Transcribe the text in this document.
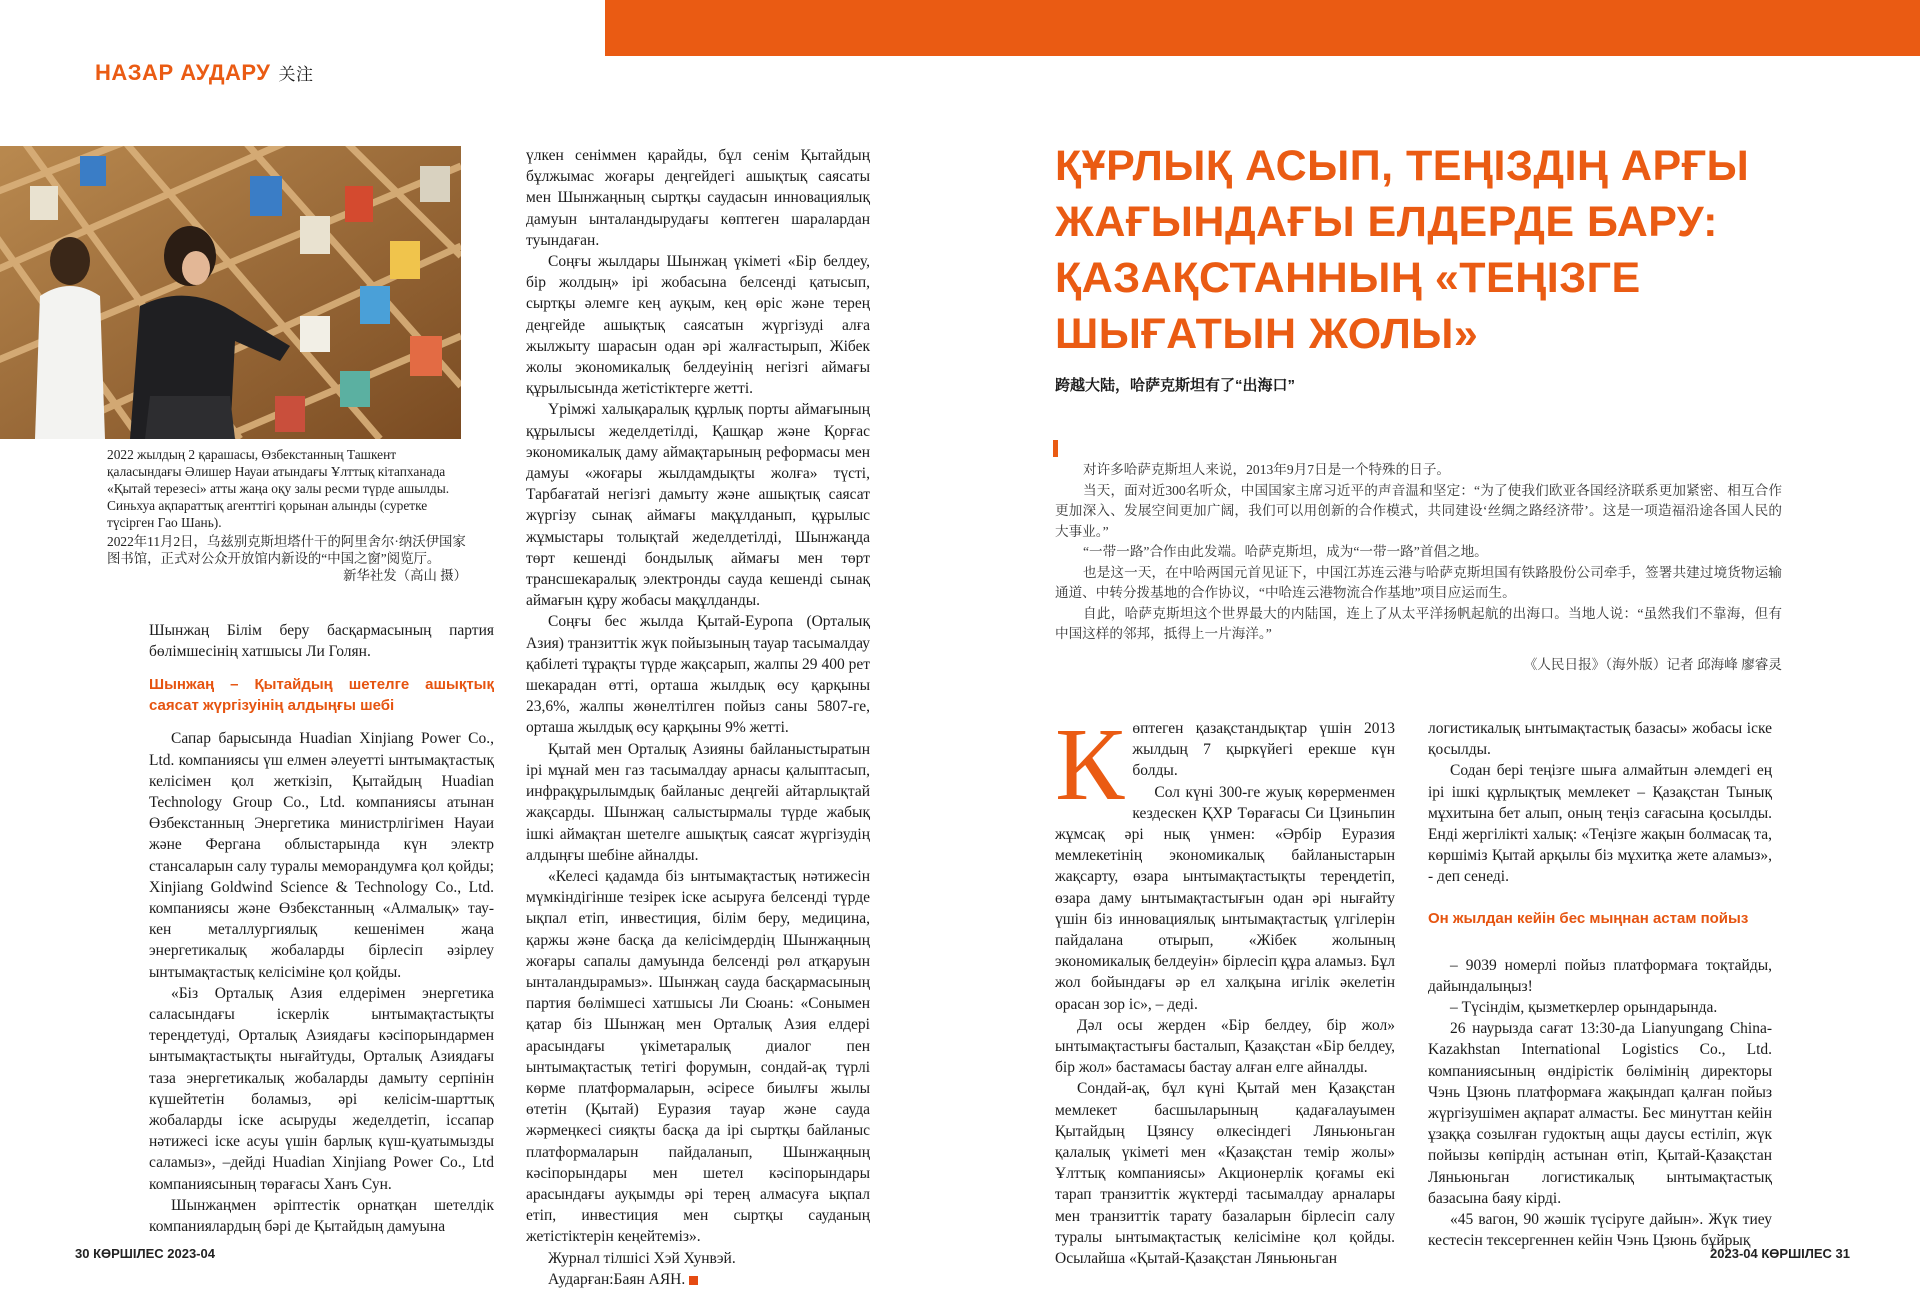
НАЗАР АУДАРУ 关注
2022 жылдың 2 қарашасы, Өзбекстанның Ташкент қаласындағы Әлишер Науаи атындағы Ұлттық кітапханада «Қытай терезесі» атты жаңа оқу залы ресми түрде ашылды. Синьхуа ақпараттық агенттігі қорынан алынды (суретке түсірген Гао Шань).
2022年11月2日，乌兹别克斯坦塔什干的阿里舍尔·纳沃伊国家图书馆，正式对公众开放馆内新设的“中国之窗”阅览厅。
新华社发（高山 摄）

Шынжаң Білім беру басқармасының партия бөлімшесінің хатшысы Ли Голян.

Шынжаң – Қытайдың шетелге ашықтық саясат жүргізуінің алдыңғы шебі

Сапар барысында Huadian Xinjiang Power Co., Ltd. компаниясы үш елмен әлеуетті ынтымақтастық келісімен қол жеткізіп, Қытайдың Huadian Technology Group Co., Ltd. компаниясы атынан Өзбекстанның Энергетика министрлігімен Науаи және Фергана облыстарында күн электр стансаларын салу туралы меморандумға қол қойды; Xinjiang Goldwind Science & Technology Co., Ltd. компаниясы және Өзбекстанның «Алмалық» тау-кен металлургиялық кешенімен жаңа энергетикалық жобаларды бірлесіп әзірлеу ынтымақтастық келісіміне қол қойды.

«Біз Орталық Азия елдерімен энергетика саласындағы іскерлік ынтымақтастықты тереңдетуді, Орталық Азиядағы кәсіпорындармен ынтымақтастықты нығайтуды, Орталық Азиядағы таза энергетикалық жобаларды дамыту серпінін күшейтетін боламыз, әрі келісім-шарттық жобаларды іске асыруды жеделдетіп, іссапар нәтижесі іске асуы үшін барлық күш-қуатымызды саламыз», –дейді Huadian Xinjiang Power Co., Ltd компаниясының төрағасы Ханъ Сун.

Шынжаңмен әріптестік орнатқан шетелдік компаниялардың бәрі де Қытайдың дамуына

үлкен сеніммен қарайды, бұл сенім Қытайдың бұлжымас жоғары деңгейдегі ашықтық саясаты мен Шынжаңның сыртқы саудасын инновациялық дамуын ынталандырудағы көптеген шаралардан туындаған.

Соңғы жылдары Шынжаң үкіметі «Бір белдеу, бір жолдың» ірі жобасына белсенді қатысып, сыртқы әлемге кең ауқым, кең өріс және терең деңгейде ашықтық саясатын жүргізуді алға жылжыту шарасын одан әрі жалғастырып, Жібек жолы экономикалық белдеуінің негізгі аймағы құрылысында жетістіктерге жетті.

Үрімжі халықаралық құрлық порты аймағының құрылысы жеделдетілді, Қашқар және Қорғас экономикалық даму аймақтарының реформасы мен дамуы «жоғары жылдамдықты жолға» түсті, Тарбағатай негізгі дамыту және ашықтық саясат жүргізу сынақ аймағы мақұлданып, құрылыс жұмыстары толықтай жеделдетілді, Шынжаңда төрт кешенді бондылық аймағы мен төрт трансшекаралық электронды сауда кешенді сынақ аймағын құру жобасы мақұлданды.

Соңғы бес жылда Қытай-Еуропа (Орталық Азия) транзиттік жүк пойызының тауар тасымалдау қабілеті тұрақты түрде жақсарып, жалпы 29 400 рет шекарадан өтті, орташа жылдық өсу қарқыны 23,6%, жалпы жөнелтілген пойыз саны 5807-ге, орташа жылдық өсу қарқыны 9% жетті.

Қытай мен Орталық Азияны байланыстыратын ірі мұнай мен газ тасымалдау арнасы қалыптасып, инфрақұрылымдық байланыс деңгейі айтарлықтай жақсарды. Шынжаң салыстырмалы түрде жабық ішкі аймақтан шетелге ашықтық саясат жүргізудің алдыңғы шебіне айналды.

«Келесі қадамда біз ынтымақтастық нәтижесін мүмкіндігінше тезірек іске асыруға белсенді түрде ықпал етіп, инвестиция, білім беру, медицина, қаржы және басқа да келісімдердің Шынжаңның жоғары сапалы дамуында белсенді рөл атқаруын ынталандырамыз». Шынжаң сауда басқармасының партия бөлімшесі хатшысы Ли Сюань: «Сонымен қатар біз Шынжаң мен Орталық Азия елдері арасындағы үкіметаралық диалог пен ынтымақтастық тетігі форумын, сондай-ақ түрлі көрме платформаларын, әсіресе биылғы жылы өтетін (Қытай) Еуразия тауар және сауда жәрмеңкесі сияқты басқа да ірі сыртқы байланыс платформаларын пайдаланып, Шынжаңның кәсіпорындары мен шетел кәсіпорындары арасындағы ауқымды әрі терең алмасуға ықпал етіп, инвестиция мен сыртқы сауданың жетістіктерін кеңейтеміз».

Журнал тілшісі Хэй Хунвэй.

Аударған:Баян АЯН.

ҚҰРЛЫҚ АСЫП, ТЕҢІЗДІҢ АРҒЫ ЖАҒЫНДАҒЫ ЕЛДЕРДЕ БАРУ: ҚАЗАҚСТАННЫҢ «ТЕҢІЗГЕ ШЫҒАТЫН ЖОЛЫ»
跨越大陆，哈萨克斯坦有了“出海口”

对许多哈萨克斯坦人来说，2013年9月7日是一个特殊的日子。

当天，面对近300名听众，中国国家主席习近平的声音温和坚定：“为了使我们欧亚各国经济联系更加紧密、相互合作更加深入、发展空间更加广阔，我们可以用创新的合作模式，共同建设‘丝绸之路经济带’。这是一项造福沿途各国人民的大事业。”

“一带一路”合作由此发端。哈萨克斯坦，成为“一带一路”首倡之地。

也是这一天，在中哈两国元首见证下，中国江苏连云港与哈萨克斯坦国有铁路股份公司牵手，签署共建过境货物运输通道、中转分拨基地的合作协议，“中哈连云港物流合作基地”项目应运而生。

自此，哈萨克斯坦这个世界最大的内陆国，连上了从太平洋扬帆起航的出海口。当地人说：“虽然我们不靠海，但有中国这样的邻邦，抵得上一片海洋。”

《人民日报》（海外版）记者 邱海峰 廖睿灵

Көптеген қазақстандықтар үшін 2013 жылдың 7 қыркүйегі ерекше күн болды.

Сол күні 300-ге жуық көрерменмен кездескен ҚХР Төрағасы Си Цзиньпин жұмсақ әрі нық үнмен: «Әрбір Еуразия мемлекетінің экономикалық байланыстарын жақсарту, өзара ынтымақтастықты тереңдетіп, өзара даму ынтымақтастығын одан әрі нығайту үшін біз инновациялық ынтымақтастық үлгілерін пайдалана отырып, «Жібек жолының экономикалық белдеуін» бірлесіп құра аламыз. Бұл жол бойындағы әр ел халқына игілік әкелетін орасан зор іс», – деді.

Дәл осы жерден «Бір белдеу, бір жол» ынтымақтастығы басталып, Қазақстан «Бір белдеу, бір жол» бастамасы бастау алған елге айналды.

Сондай-ақ, бұл күні Қытай мен Қазақстан мемлекет басшыларының қадағалауымен Қытайдың Цзянсу өлкесіндегі Ляньюньган қалалық үкіметі мен «Қазақстан темір жолы» Ұлттық компаниясы» Акционерлік қоғамы екі тарап транзиттік жүктерді тасымалдау арналары мен транзиттік тарату базаларын бірлесіп салу туралы ынтымақтастық келісіміне қол қойды. Осылайша «Қытай-Қазақстан Ляньюньган

логистикалық ынтымақтастық базасы» жобасы іске қосылды.

Содан бері теңізге шыға алмайтын әлемдегі ең ірі ішкі құрлықтық мемлекет – Қазақстан Тынық мұхитына бет алып, оның теңіз сағасына қосылды. Енді жергілікті халық: «Теңізге жақын болмасақ та, көршіміз Қытай арқылы біз мұхитқа жете аламыз», - деп сенеді.

Он жылдан кейін бес мыңнан астам пойыз

– 9039 номерлі пойыз платформаға тоқтайды, дайындалыңыз!

– Түсіндім, қызметкерлер орындарында.

26 наурызда сағат 13:30-да Lianyungang China-Kazakhstan International Logistics Co., Ltd. компаниясының өндірістік бөлімінің директоры Чэнь Цзюнь платформаға жақындап қалған пойыз жүргізушімен ақпарат алмасты. Бес минуттан кейін ұзаққа созылған гудоктың ащы даусы естіліп, жүк пойызы көпірдің астынан өтіп, Қытай-Қазақстан Ляньюньган логистикалық ынтымақтастық базасына баяу кірді.

«45 вагон, 90 жәшік түсіруге дайын». Жүк тиеу кестесін тексергеннен кейін Чэнь Цзюнь бұйрық

30 КӨРШІЛЕС 2023-04	2023-04 КӨРШІЛЕС 31
